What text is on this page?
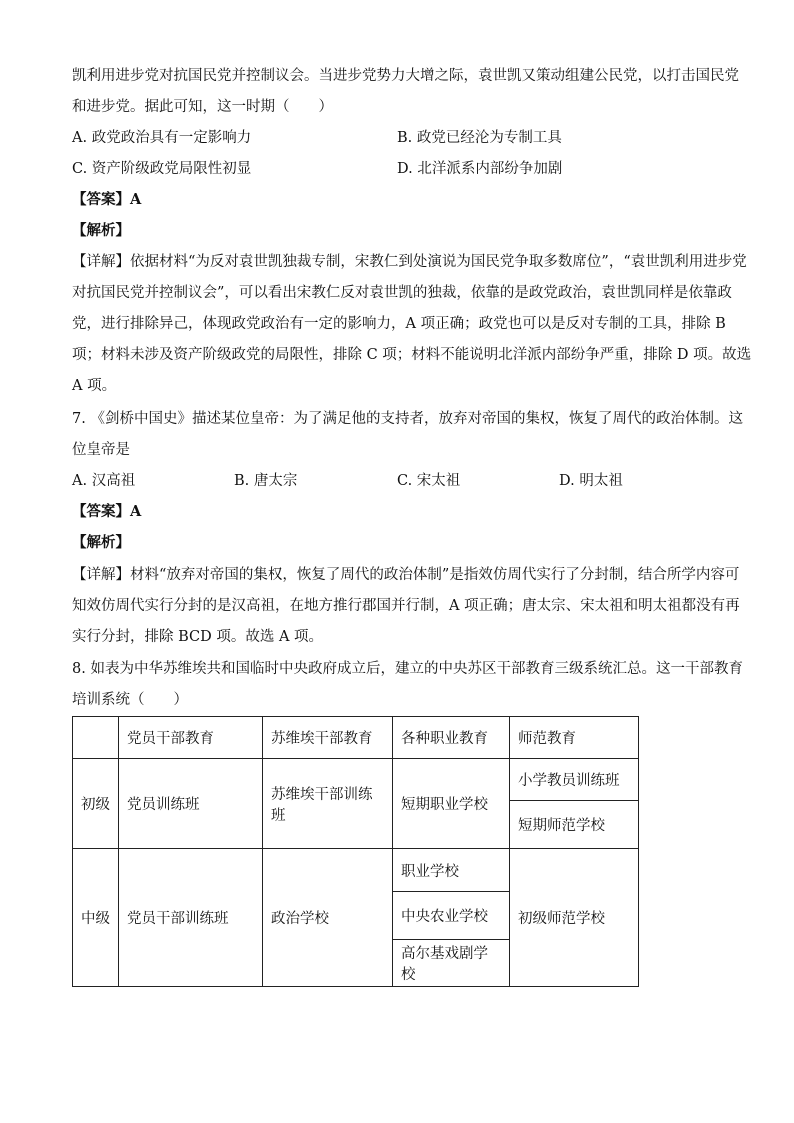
凯利用进步党对抗国民党并控制议会。当进步党势力大增之际，袁世凯又策动组建公民党，以打击国民党
和进步党。据此可知，这一时期（　　）
A. 政党政治具有一定影响力	B. 政党已经沦为专制工具
C. 资产阶级政党局限性初显	D. 北洋派系内部纷争加剧
【答案】A
【解析】
【详解】依据材料“为反对袁世凯独裁专制，宋教仁到处演说为国民党争取多数席位”，“袁世凯利用进步党
对抗国民党并控制议会”，可以看出宋教仁反对袁世凯的独裁，依靠的是政党政治，袁世凯同样是依靠政
党，进行排除异己，体现政党政治有一定的影响力，A 项正确；政党也可以是反对专制的工具，排除 B
项；材料未涉及资产阶级政党的局限性，排除 C 项；材料不能说明北洋派内部纷争严重，排除 D 项。故选
A 项。
7. 《剑桥中国史》描述某位皇帝：为了满足他的支持者，放弃对帝国的集权，恢复了周代的政治体制。这
位皇帝是
A. 汉高祖	B. 唐太宗	C. 宋太祖	D. 明太祖
【答案】A
【解析】
【详解】材料“放弃对帝国的集权，恢复了周代的政治体制”是指效仿周代实行了分封制，结合所学内容可
知效仿周代实行分封的是汉高祖，在地方推行郡国并行制，A 项正确；唐太宗、宋太祖和明太祖都没有再
实行分封，排除 BCD 项。故选 A 项。
8. 如表为中华苏维埃共和国临时中央政府成立后，建立的中央苏区干部教育三级系统汇总。这一干部教育
培训系统（　　）
	党员干部教育	苏维埃干部教育	各种职业教育	师范教育
初级	党员训练班	苏维埃干部训练班	短期职业学校	小学教员训练班
				短期师范学校
中级	党员干部训练班	政治学校	职业学校	初级师范学校
			中央农业学校	
			高尔基戏剧学校	
